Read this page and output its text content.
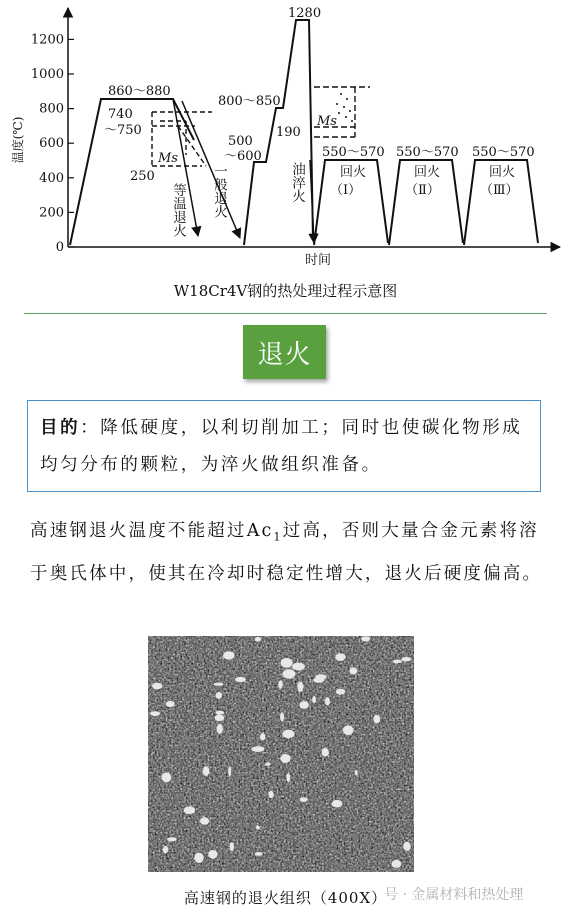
0
200
400
600
800
1000
1200
温度(℃)
时间
860～880
740
～750
Ms
250
等温退火 一般退火
500
～600
800～850
1280
Ms
190
油淬火
550～570 550～570 550～570
回火	回火	回火
（Ⅰ）	（Ⅱ）	（Ⅲ）
W18Cr4V钢的热处理过程示意图
退火
目的：降低硬度，以利切削加工；同时也使碳化物形成均匀分布的颗粒，为淬火做组织准备。
高速钢退火温度不能超过$Ac_1$过高，否则大量合金元素将溶于奥氏体中，使其在冷却时稳定性增大，退火后硬度偏高。
高速钢的退火组织（400X）
号 · 金属材料和热处理
